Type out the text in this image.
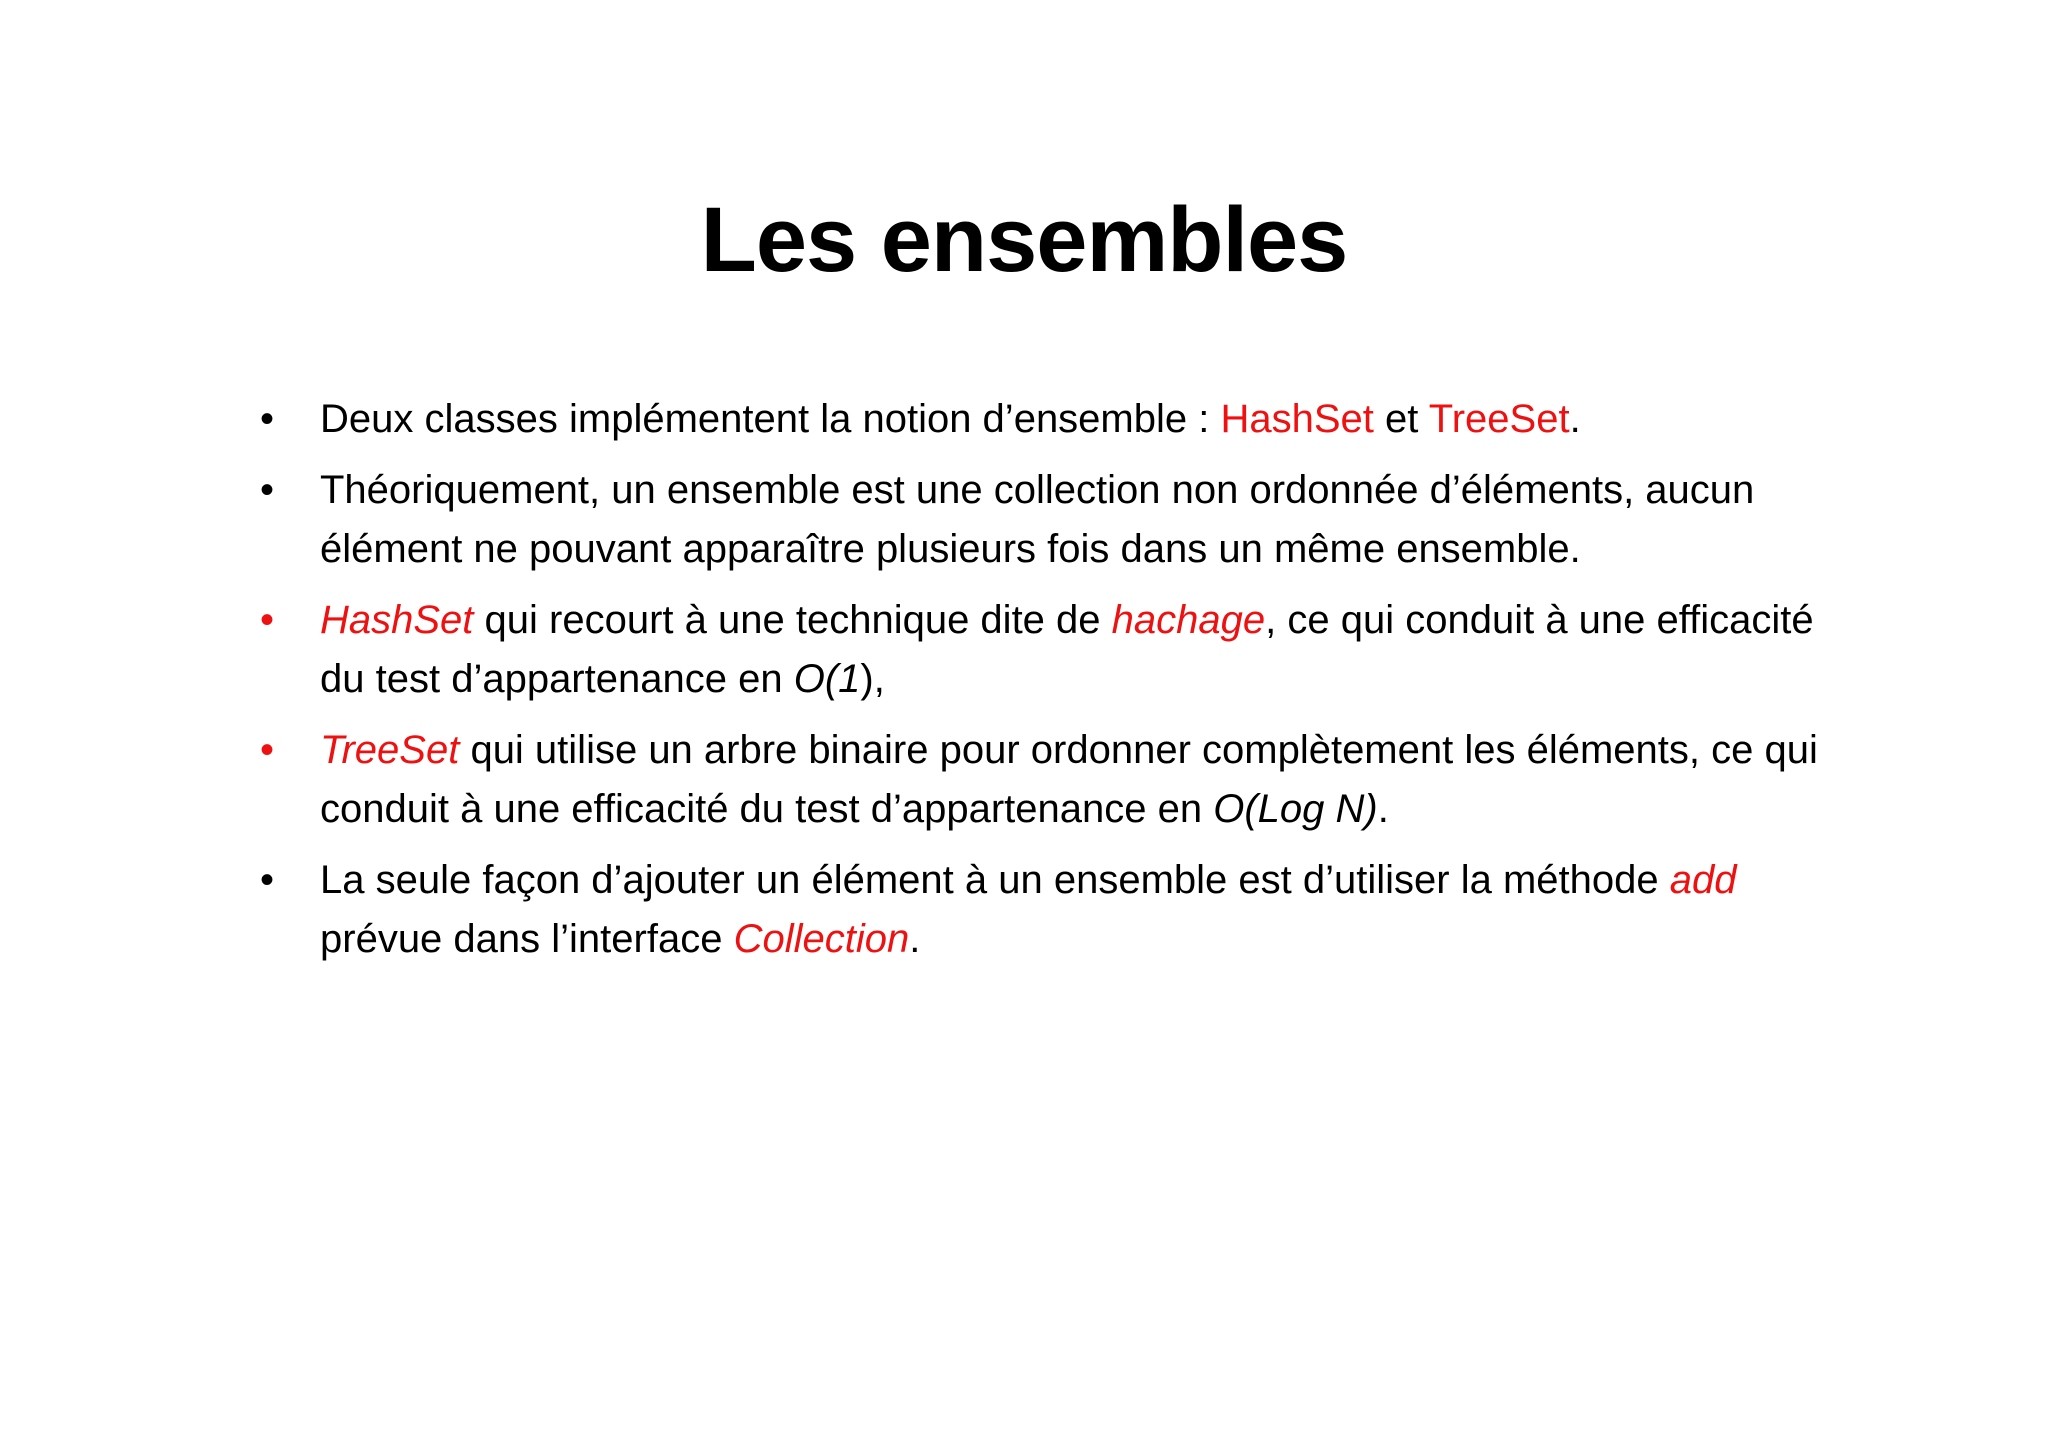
Les ensembles
• Deux classes implémentent la notion d’ensemble : HashSet et TreeSet.
• Théoriquement, un ensemble est une collection non ordonnée d’éléments, aucun élément ne pouvant apparaître plusieurs fois dans un même ensemble.
• HashSet qui recourt à une technique dite de hachage, ce qui conduit à une efficacité du test d’appartenance en O(1),
• TreeSet qui utilise un arbre binaire pour ordonner complètement les éléments, ce qui conduit à une efficacité du test d’appartenance en O(Log N).
• La seule façon d’ajouter un élément à un ensemble est d’utiliser la méthode add prévue dans l’interface Collection.
